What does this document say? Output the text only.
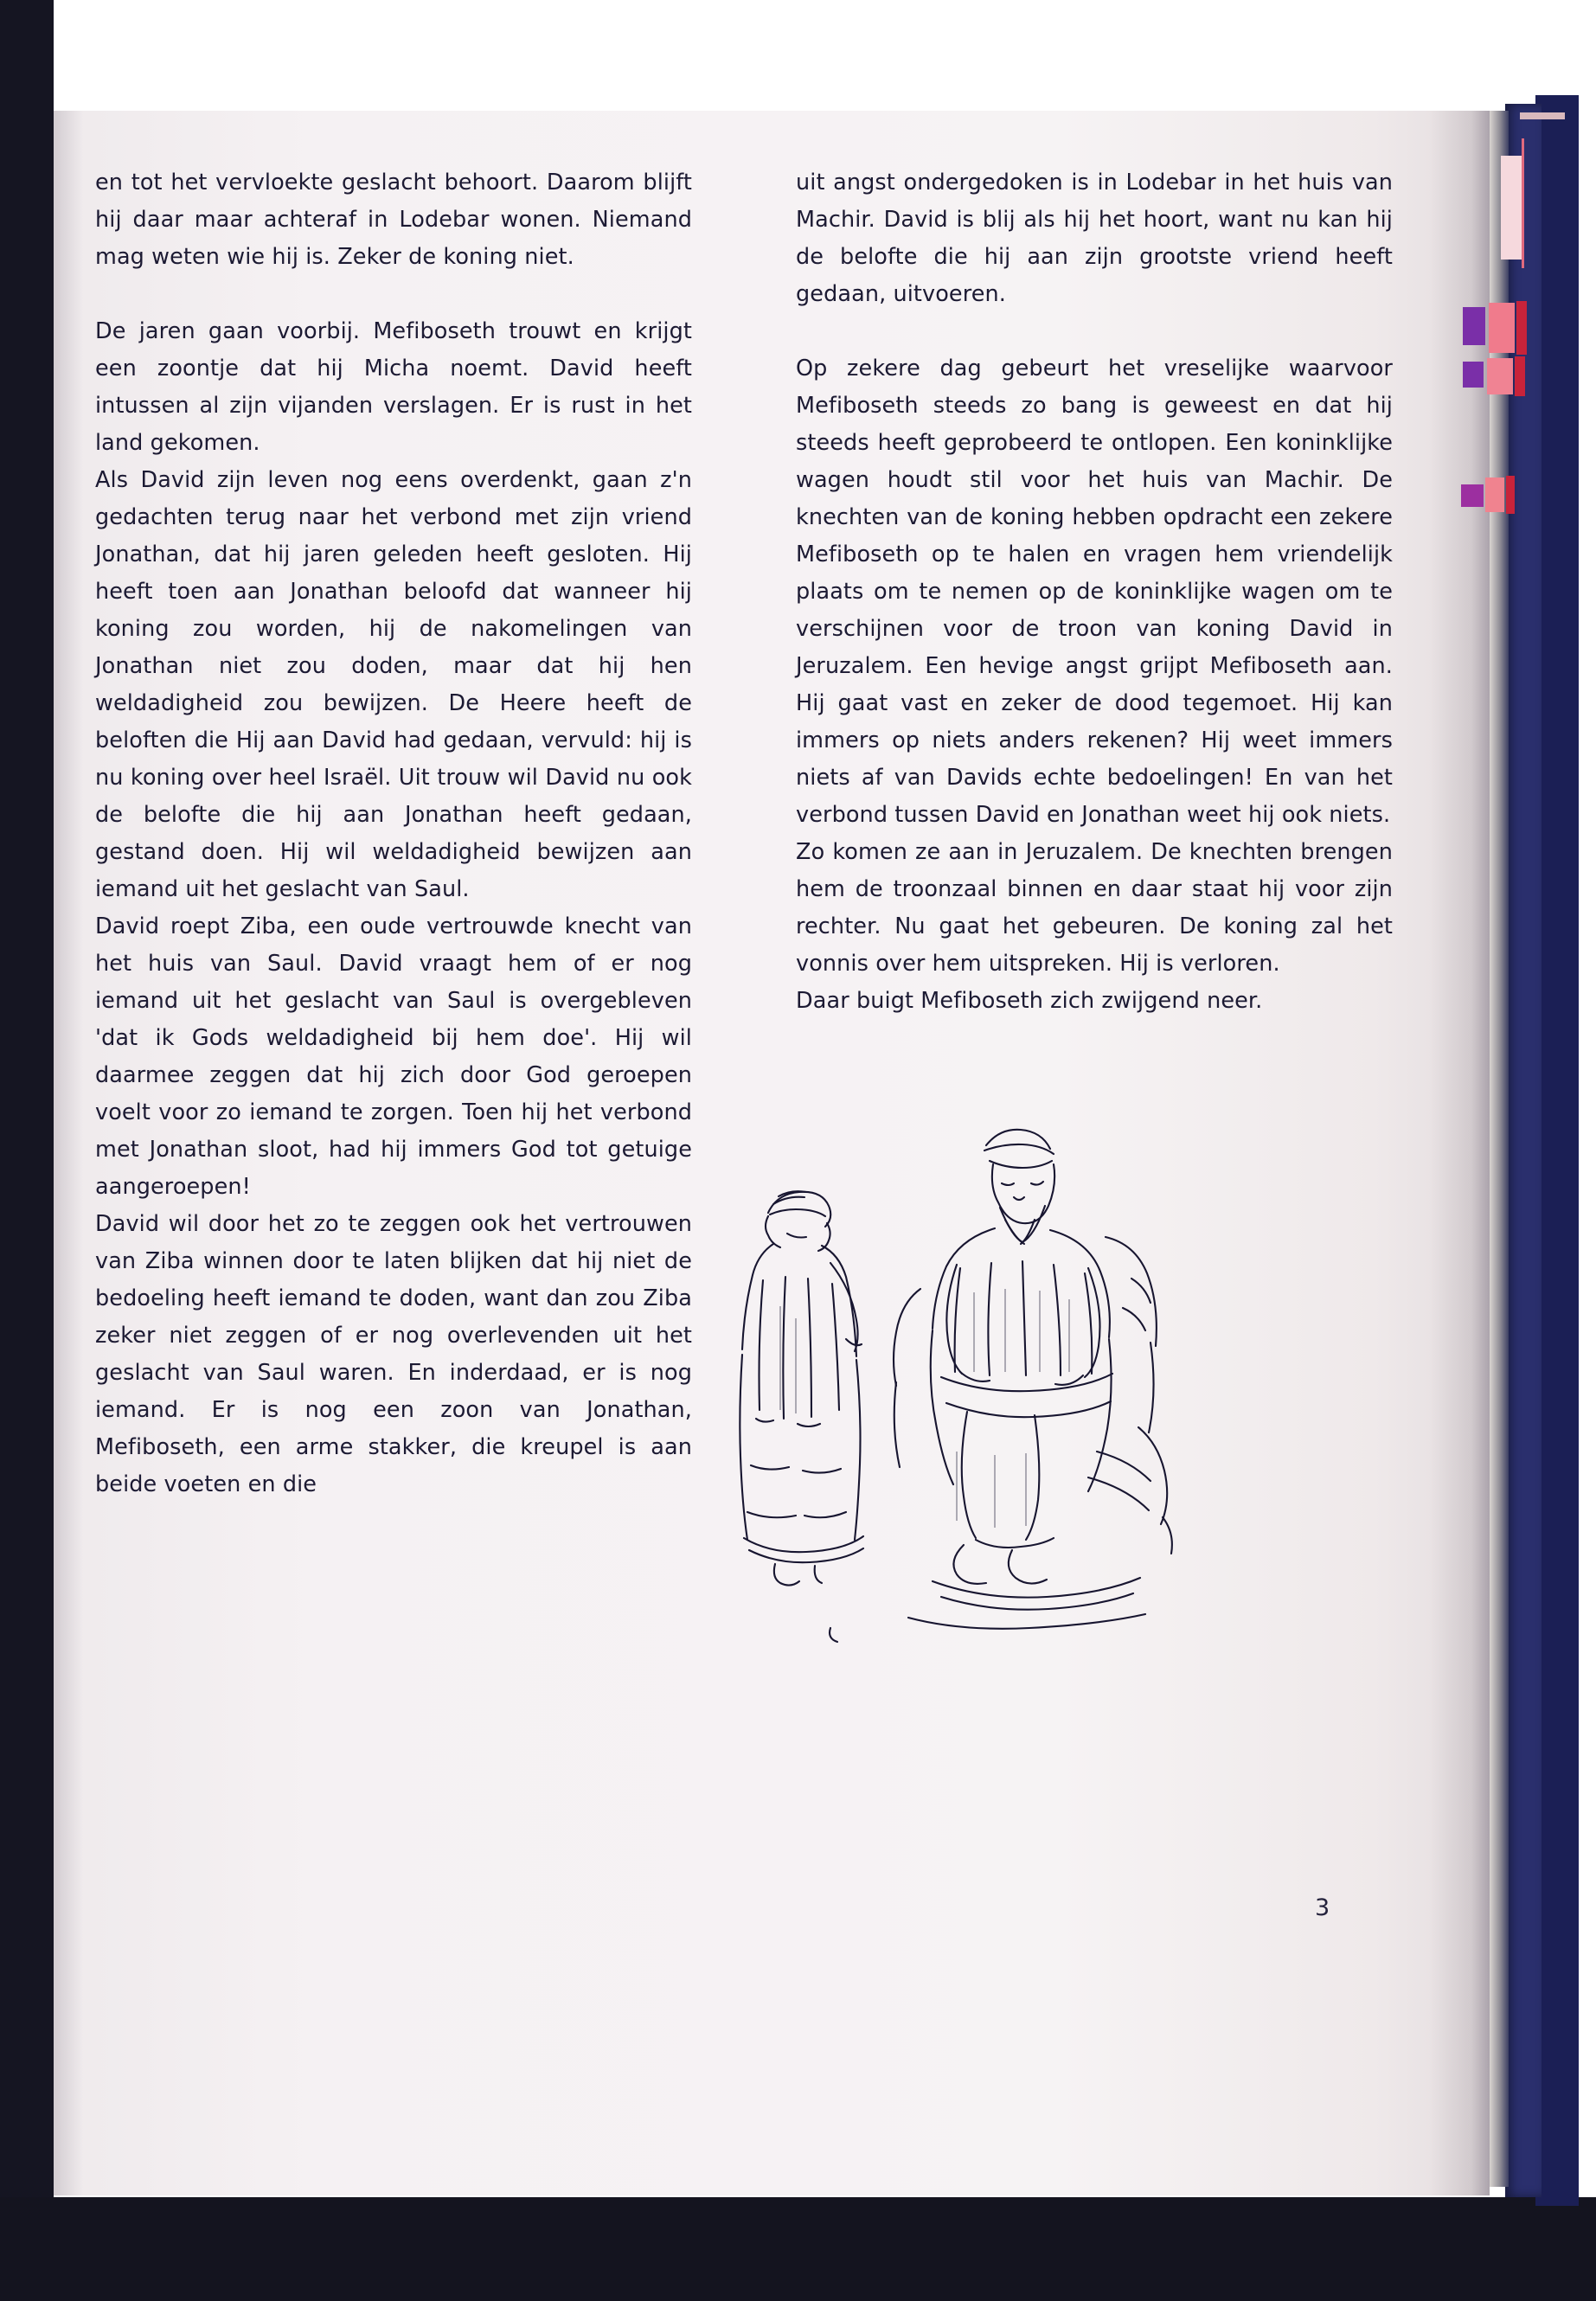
en tot het vervloekte geslacht behoort. Daarom blijft hij daar maar achteraf in Lodebar wonen. Niemand mag weten wie hij is. Zeker de koning niet.

De jaren gaan voorbij. Mefiboseth trouwt en krijgt een zoontje dat hij Micha noemt. David heeft intussen al zijn vijanden verslagen. Er is rust in het land gekomen.

Als David zijn leven nog eens overdenkt, gaan z'n gedachten terug naar het verbond met zijn vriend Jonathan, dat hij jaren geleden heeft gesloten. Hij heeft toen aan Jonathan beloofd dat wanneer hij koning zou worden, hij de nakomelingen van Jonathan niet zou doden, maar dat hij hen weldadigheid zou bewijzen. De Heere heeft de beloften die Hij aan David had gedaan, vervuld: hij is nu koning over heel Israël. Uit trouw wil David nu ook de belofte die hij aan Jonathan heeft gedaan, gestand doen. Hij wil weldadigheid bewijzen aan iemand uit het geslacht van Saul.

David roept Ziba, een oude vertrouwde knecht van het huis van Saul. David vraagt hem of er nog iemand uit het geslacht van Saul is overgebleven 'dat ik Gods weldadigheid bij hem doe'. Hij wil daarmee zeggen dat hij zich door God geroepen voelt voor zo iemand te zorgen. Toen hij het verbond met Jonathan sloot, had hij immers God tot getuige aangeroepen!

David wil door het zo te zeggen ook het vertrouwen van Ziba winnen door te laten blijken dat hij niet de bedoeling heeft iemand te doden, want dan zou Ziba zeker niet zeggen of er nog overlevenden uit het geslacht van Saul waren. En inderdaad, er is nog iemand. Er is nog een zoon van Jonathan, Mefiboseth, een arme stakker, die kreupel is aan beide voeten en die

uit angst ondergedoken is in Lodebar in het huis van Machir. David is blij als hij het hoort, want nu kan hij de belofte die hij aan zijn grootste vriend heeft gedaan, uitvoeren.

Op zekere dag gebeurt het vreselijke waarvoor Mefiboseth steeds zo bang is geweest en dat hij steeds heeft geprobeerd te ontlopen. Een koninklijke wagen houdt stil voor het huis van Machir. De knechten van de koning hebben opdracht een zekere Mefiboseth op te halen en vragen hem vriendelijk plaats om te nemen op de koninklijke wagen om te verschijnen voor de troon van koning David in Jeruzalem. Een hevige angst grijpt Mefiboseth aan. Hij gaat vast en zeker de dood tegemoet. Hij kan immers op niets anders rekenen? Hij weet immers niets af van Davids echte bedoelingen! En van het verbond tussen David en Jonathan weet hij ook niets.

Zo komen ze aan in Jeruzalem. De knechten brengen hem de troonzaal binnen en daar staat hij voor zijn rechter. Nu gaat het gebeuren. De koning zal het vonnis over hem uitspreken. Hij is verloren.

Daar buigt Mefiboseth zich zwijgend neer.

3
